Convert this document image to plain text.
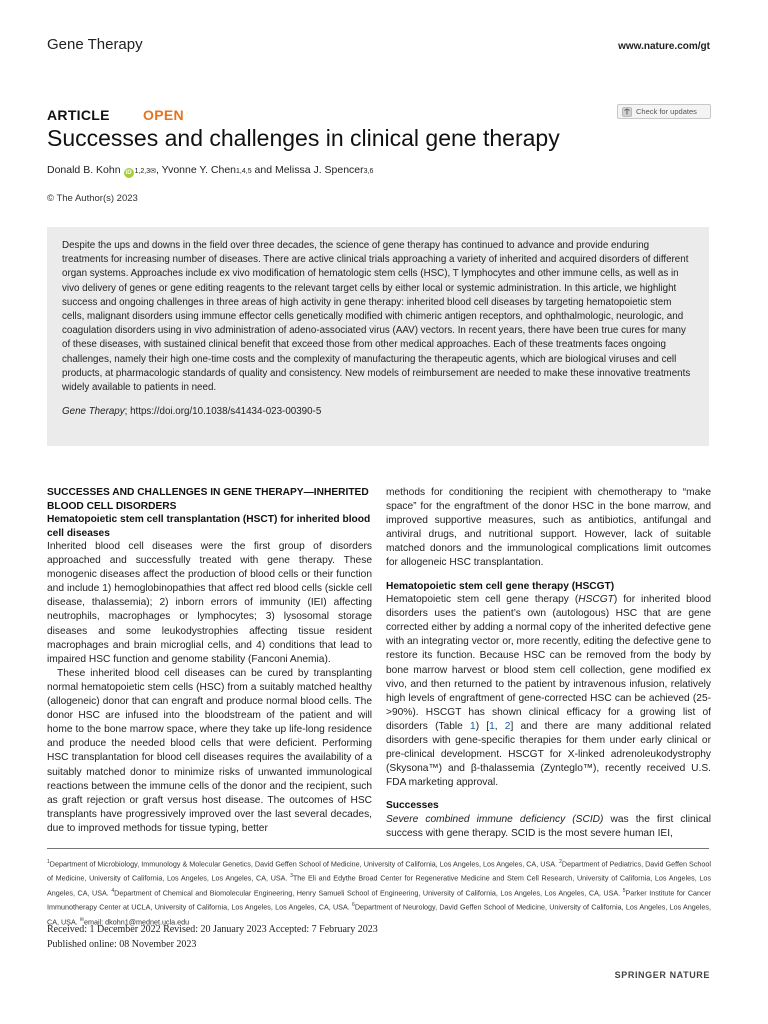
Gene Therapy	www.nature.com/gt
ARTICLE OPEN	Check for updates
Successes and challenges in clinical gene therapy
Donald B. Kohn iD 1,2,3 ✉ , Yvonne Y. Chen 1,4,5 and Melissa J. Spencer 3,6
© The Author(s) 2023

Despite the ups and downs in the field over three decades, the science of gene therapy has continued to advance and provide enduring treatments for increasing number of diseases. There are active clinical trials approaching a variety of inherited and acquired disorders of different organ systems. Approaches include ex vivo modification of hematologic stem cells (HSC), T lymphocytes and other immune cells, as well as in vivo delivery of genes or gene editing reagents to the relevant target cells by either local or systemic administration. In this article, we highlight success and ongoing challenges in three areas of high activity in gene therapy: inherited blood cell diseases by targeting hematopoietic stem cells, malignant disorders using immune effector cells genetically modified with chimeric antigen receptors, and ophthalmologic, neurologic, and coagulation disorders using in vivo administration of adeno-associated virus (AAV) vectors. In recent years, there have been true cures for many of these diseases, with sustained clinical benefit that exceed those from other medical approaches. Each of these treatments faces ongoing challenges, namely their high one-time costs and the complexity of manufacturing the therapeutic agents, which are biological viruses and cell products, at pharmacologic standards of quality and consistency. New models of reimbursement are needed to make these innovative treatments widely available to patients in need.

Gene Therapy; https://doi.org/10.1038/s41434-023-00390-5

SUCCESSES AND CHALLENGES IN GENE THERAPY—INHERITED BLOOD CELL DISORDERS
Hematopoietic stem cell transplantation (HSCT) for inherited blood cell diseases

Inherited blood cell diseases were the first group of disorders approached and successfully treated with gene therapy. These monogenic diseases affect the production of blood cells or their function and include 1) hemoglobinopathies that affect red blood cells (sickle cell disease, thalassemia); 2) inborn errors of immunity (IEI) affecting neutrophils, macrophages or lymphocytes; 3) lysosomal storage diseases and some leukodystrophies affecting tissue resident macrophages and brain microglial cells, and 4) conditions that lead to impaired HSC function and genome stability (Fanconi Anemia).

These inherited blood cell diseases can be cured by transplanting normal hematopoietic stem cells (HSC) from a suitably matched healthy (allogeneic) donor that can engraft and produce normal blood cells. The donor HSC are infused into the bloodstream of the patient and will home to the bone marrow space, where they take up life-long residence and produce the needed blood cells that were deficient. Performing HSC transplantation for blood cell diseases requires the availability of a suitably matched donor to minimize risks of unwanted immunological reactions between the immune cells of the donor and the recipient, such as graft rejection or graft versus host disease. The outcomes of HSC transplants have progressively improved over the last several decades, due to improved methods for tissue typing, better

methods for conditioning the recipient with chemotherapy to “make space” for the engraftment of the donor HSC in the bone marrow, and improved supportive measures, such as antibiotics, antifungal and antiviral drugs, and nutritional support. However, lack of suitable matched donors and the immunological complications limit outcomes for allogeneic HSC transplantation.

Hematopoietic stem cell gene therapy (HSCGT)

Hematopoietic stem cell gene therapy (HSCGT) for inherited blood disorders uses the patient’s own (autologous) HSC that are gene corrected either by adding a normal copy of the inherited defective gene with an integrating vector or, more recently, editing the defective gene to restore its function. Because HSC can be removed from the body by bone marrow harvest or blood stem cell collection, gene modified ex vivo, and then returned to the patient by intravenous infusion, relatively high levels of engraftment of gene-corrected HSC can be achieved (25->90%). HSCGT has shown clinical efficacy for a growing list of disorders (Table 1) [1, 2] and there are many additional related disorders with gene-specific therapies for them under early clinical or pre-clinical development. HSCGT for X-linked adrenoleukodystrophy (Skysona™) and β-thalassemia (Zynteglo™), recently received U.S. FDA marketing approval.

Successes

Severe combined immune deficiency (SCID) was the first clinical success with gene therapy. SCID is the most severe human IEI,

$^1$Department of Microbiology, Immunology & Molecular Genetics, David Geffen School of Medicine, University of California, Los Angeles, Los Angeles, CA, USA. $^2$Department of Pediatrics, David Geffen School of Medicine, University of California, Los Angeles, Los Angeles, CA, USA. $^3$The Eli and Edythe Broad Center for Regenerative Medicine and Stem Cell Research, University of California, Los Angeles, Los Angeles, CA, USA. $^4$Department of Chemical and Biomolecular Engineering, Henry Samueli School of Engineering, University of California, Los Angeles, Los Angeles, CA, USA. $^5$Parker Institute for Cancer Immunotherapy Center at UCLA, University of California, Los Angeles, Los Angeles, CA, USA. $^6$Department of Neurology, David Geffen School of Medicine, University of California, Los Angeles, Los Angeles, CA, USA. ✉email: dkohn1@mednet.ucla.edu
Received: 1 December 2022 Revised: 20 January 2023 Accepted: 7 February 2023
Published online: 08 November 2023
SPRINGER NATURE
